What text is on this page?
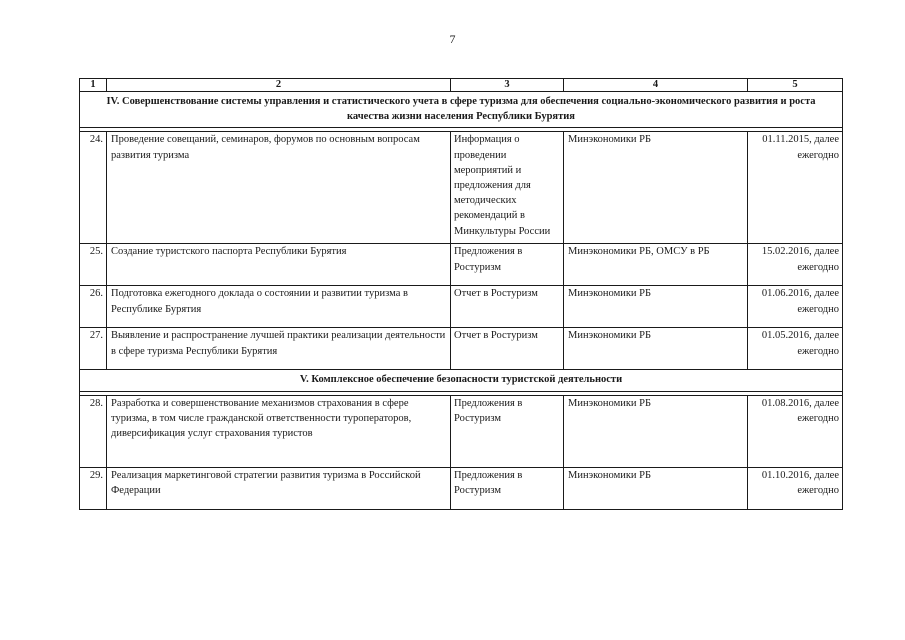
7
1	2	3	4	5
IV. Совершенствование системы управления и статистического учета в сфере туризма для обеспечения социально-экономического развития и роста качества жизни населения Республики Бурятия				

24.	Проведение совещаний, семинаров, форумов по основным вопросам развития туризма	Информация о проведении мероприятий и предложения для методических рекомендаций в Минкультуры России	Минэкономики РБ	01.11.2015, далее ежегодно
25.	Создание туристского паспорта Республики Бурятия	Предложения в Ростуризм	Минэкономики РБ, ОМСУ в РБ	15.02.2016, далее ежегодно
26.	Подготовка ежегодного доклада о состоянии и развитии туризма в Республике Бурятия	Отчет в Ростуризм	Минэкономики РБ	01.06.2016, далее ежегодно
27.	Выявление и распространение лучшей практики реализации деятельности в сфере туризма Республики Бурятия	Отчет в Ростуризм	Минэкономики РБ	01.05.2016, далее ежегодно
V. Комплексное обеспечение безопасности туристской деятельности				

28.	Разработка и совершенствование механизмов страхования в сфере туризма, в том числе гражданской ответственности туроператоров, диверсификация услуг страхования туристов	Предложения в Ростуризм	Минэкономики РБ	01.08.2016, далее ежегодно
29.	Реализация маркетинговой стратегии развития туризма в Российской Федерации	Предложения в Ростуризм	Минэкономики РБ	01.10.2016, далее ежегодно
